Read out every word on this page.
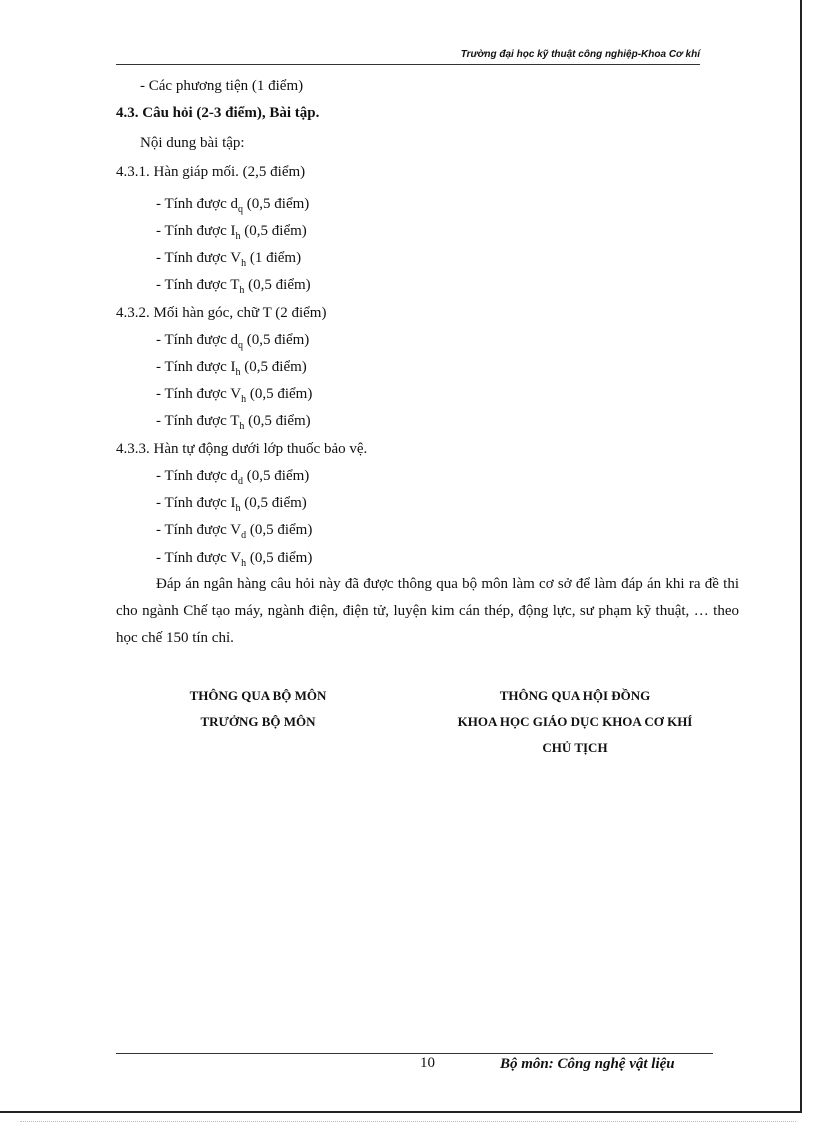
Trường đại học kỹ thuật công nghiệp-Khoa Cơ khí
- Các phương tiện (1 điểm)
4.3. Câu hỏi (2-3 điểm), Bài tập.
Nội dung bài tập:
4.3.1. Hàn giáp mối. (2,5 điểm)
- Tính được $d_q$ (0,5 điểm)
- Tính được $I_h$ (0,5 điểm)
- Tính được $V_h$ (1 điểm)
- Tính được $T_h$ (0,5 điểm)
4.3.2. Mối hàn góc, chữ T (2 điểm)
- Tính được $d_q$ (0,5 điểm)
- Tính được $I_h$ (0,5 điểm)
- Tính được $V_h$ (0,5 điểm)
- Tính được $T_h$ (0,5 điểm)
4.3.3. Hàn tự động dưới lớp thuốc bảo vệ.
- Tính được $d_d$ (0,5 điểm)
- Tính được $I_h$ (0,5 điểm)
- Tính được $V_d$ (0,5 điểm)
- Tính được $V_h$ (0,5 điểm)
Đáp án ngân hàng câu hỏi này đã được thông qua bộ môn làm cơ sở để làm đáp án khi ra đề thi cho ngành Chế tạo máy, ngành điện, điện tử, luyện kim cán thép, động lực, sư phạm kỹ thuật, … theo học chế 150 tín chỉ.
THÔNG QUA BỘ MÔN
TRƯỞNG BỘ MÔN
THÔNG QUA HỘI ĐỒNG
KHOA HỌC GIÁO DỤC KHOA CƠ KHÍ
CHỦ TỊCH
10	Bộ môn: Công nghệ vật liệu
